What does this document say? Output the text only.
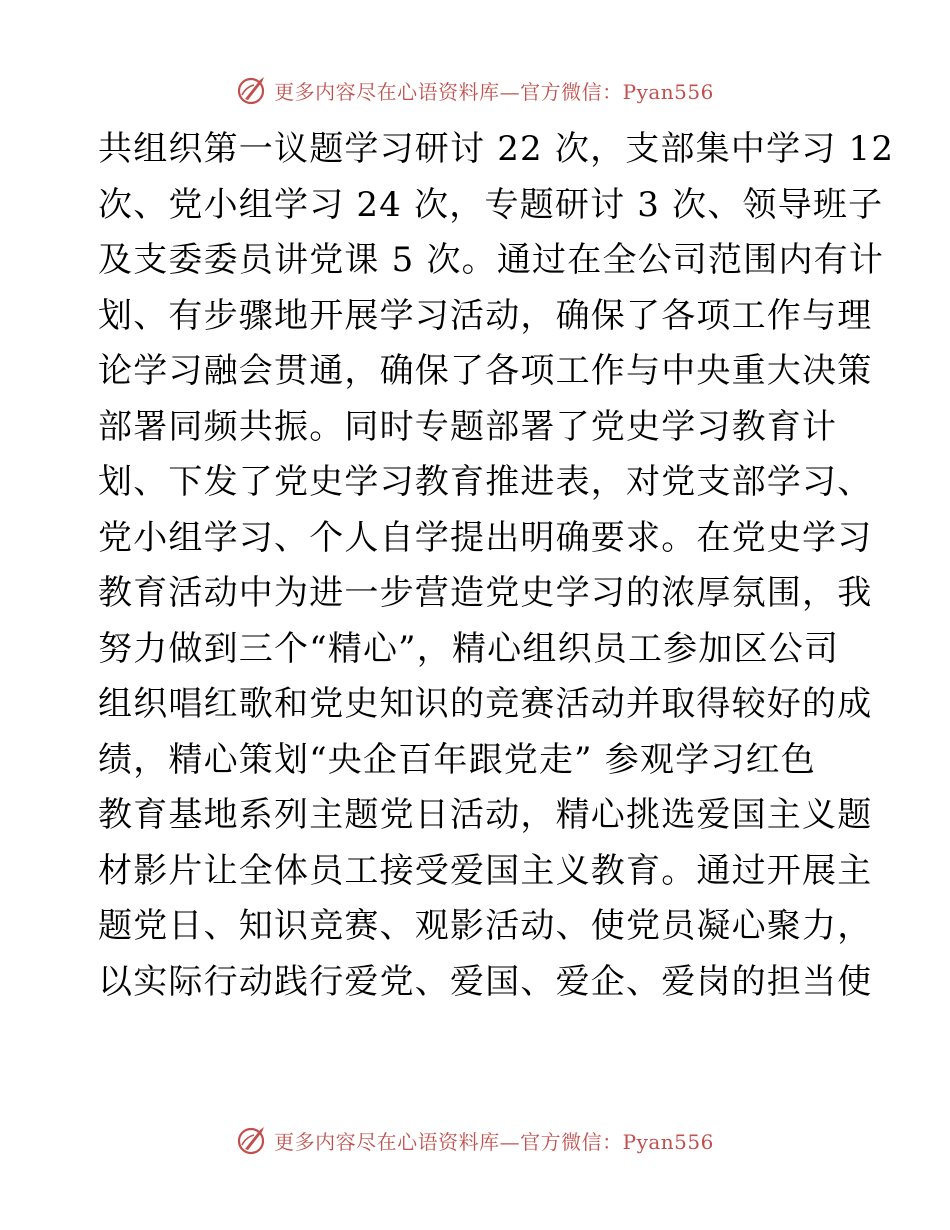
更多内容尽在心语资料库—官方微信：Pyan556
共组织第一议题学习研讨 22 次，支部集中学习 12
次、党小组学习 24 次，专题研讨 3 次、领导班子
及支委委员讲党课 5 次。通过在全公司范围内有计
划、有步骤地开展学习活动，确保了各项工作与理
论学习融会贯通，确保了各项工作与中央重大决策
部署同频共振。同时专题部署了党史学习教育计
划、下发了党史学习教育推进表，对党支部学习、
党小组学习、个人自学提出明确要求。在党史学习
教育活动中为进一步营造党史学习的浓厚氛围，我
努力做到三个“精心”，精心组织员工参加区公司
组织唱红歌和党史知识的竞赛活动并取得较好的成
绩，精心策划“央企百年跟党走” 参观学习红色
教育基地系列主题党日活动，精心挑选爱国主义题
材影片让全体员工接受爱国主义教育。通过开展主
题党日、知识竞赛、观影活动、使党员凝心聚力，
以实际行动践行爱党、爱国、爱企、爱岗的担当使
更多内容尽在心语资料库—官方微信：Pyan556
